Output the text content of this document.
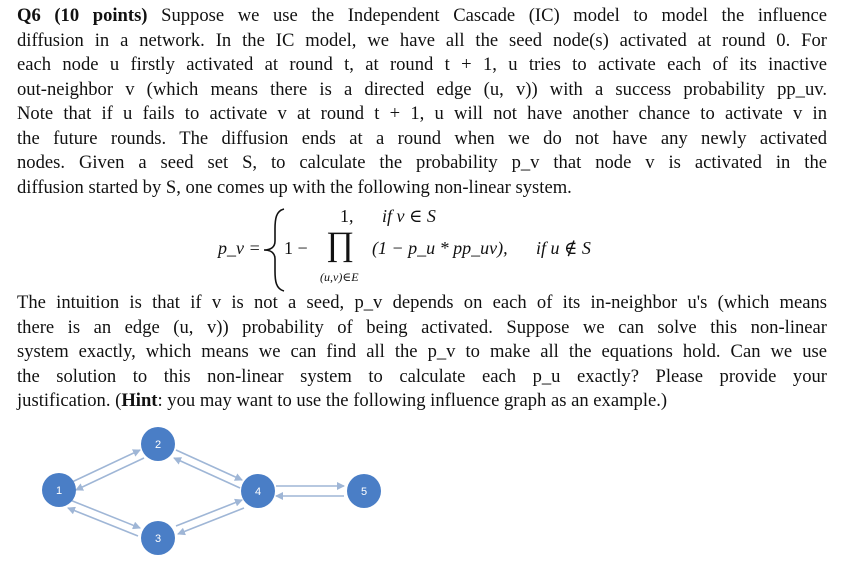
Q6 (10 points) Suppose we use the Independent Cascade (IC) model to model the influence
diffusion in a network. In the IC model, we have all the seed node(s) activated at round 0. For
each node u firstly activated at round t, at round t + 1, u tries to activate each of its inactive
out-neighbor v (which means there is a directed edge (u, v)) with a success probability pp_uv.
Note that if u fails to activate v at round t + 1, u will not have another chance to activate v in
the future rounds. The diffusion ends at a round when we do not have any newly activated
nodes. Given a seed set S, to calculate the probability p_v that node v is activated in the
diffusion started by S, one comes up with the following non-linear system.
p_v =
1, if v ∈ S
1 − ∏ (1 − p_u * pp_uv), if u ∉ S
(u,v)∈E
The intuition is that if v is not a seed, p_v depends on each of its in-neighbor u's (which means
there is an edge (u, v)) probability of being activated. Suppose we can solve this non-linear
system exactly, which means we can find all the p_v to make all the equations hold. Can we use
the solution to this non-linear system to calculate each p_u exactly? Please provide your
justification. (Hint: you may want to use the following influence graph as an example.)
1
2
3
4	5
